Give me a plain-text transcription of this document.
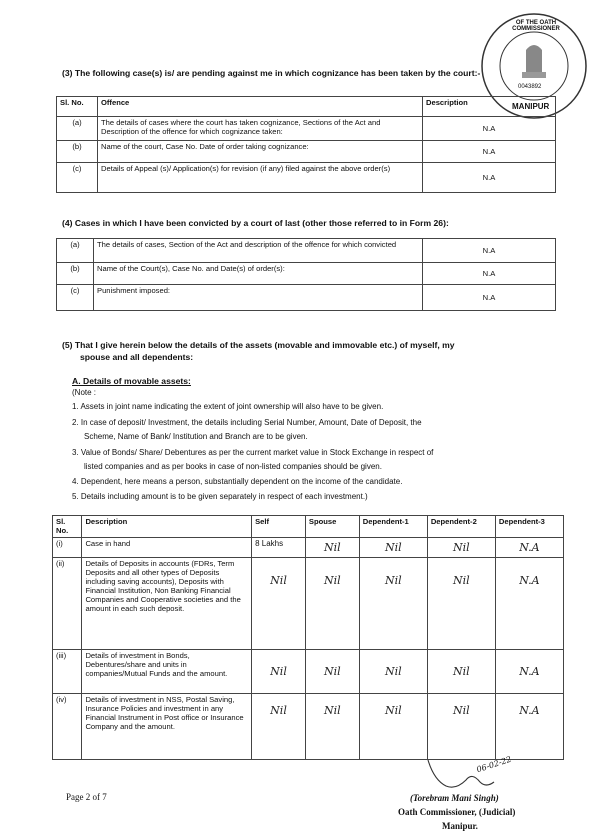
OF THE OATH COMMISSIONER
0043892
MANIPUR
(3) The following case(s) is/ are pending against me in which cognizance has been taken by the court:-
Sl. No.	Offence	Description
(a)	The details of cases where the court has taken cognizance, Sections of the Act and Description of the offence for which cognizance taken:	N.A
(b)	Name of the court, Case No. Date of order taking cognizance:	N.A
(c)	Details of Appeal (s)/ Application(s) for revision (if any) filed against the above order(s)	N.A
(4) Cases in which I have been convicted by a court of last (other those referred to in Form 26):
(a)	The details of cases, Section of the Act and description of the offence for which convicted	N.A
(b)	Name of the Court(s), Case No. and Date(s) of order(s):	N.A
(c)	Punishment imposed:	N.A
(5) That I give herein below the details of the assets (movable and immovable etc.) of myself, my
spouse and all dependents:
A. Details of movable assets:
(Note :
1. Assets in joint name indicating the extent of joint ownership will also have to be given.
2. In case of deposit/ Investment, the details including Serial Number, Amount, Date of Deposit, the
Scheme, Name of Bank/ Institution and Branch are to be given.
3. Value of Bonds/ Share/ Debentures as per the current market value in Stock Exchange in respect of
listed companies and as per books in case of non-listed companies should be given.
4. Dependent, here means a person, substantially dependent on the income of the candidate.
5. Details including amount is to be given separately in respect of each investment.)
Sl. No.	Description	Self	Spouse	Dependent-1	Dependent-2	Dependent-3
(i)	Case in hand	8 Lakhs	Nil	Nil	Nil	N.A
(ii)	Details of Deposits in accounts (FDRs, Term Deposits and all other types of Deposits including saving accounts), Deposits with Financial Institution, Non Banking Financial Companies and Cooperative societies and the amount in each such deposit.	Nil	Nil	Nil	Nil	N.A
(iii)	Details of investment in Bonds, Debentures/share and units in companies/Mutual Funds and the amount.	Nil	Nil	Nil	Nil	N.A
(iv)	Details of investment in NSS, Postal Saving, Insurance Policies and investment in any Financial Instrument in Post office or Insurance Company and the amount.	Nil	Nil	Nil	Nil	N.A
Page 2 of 7
06-02-22
(Torebram Mani Singh)
Oath Commissioner, (Judicial)
Manipur.
